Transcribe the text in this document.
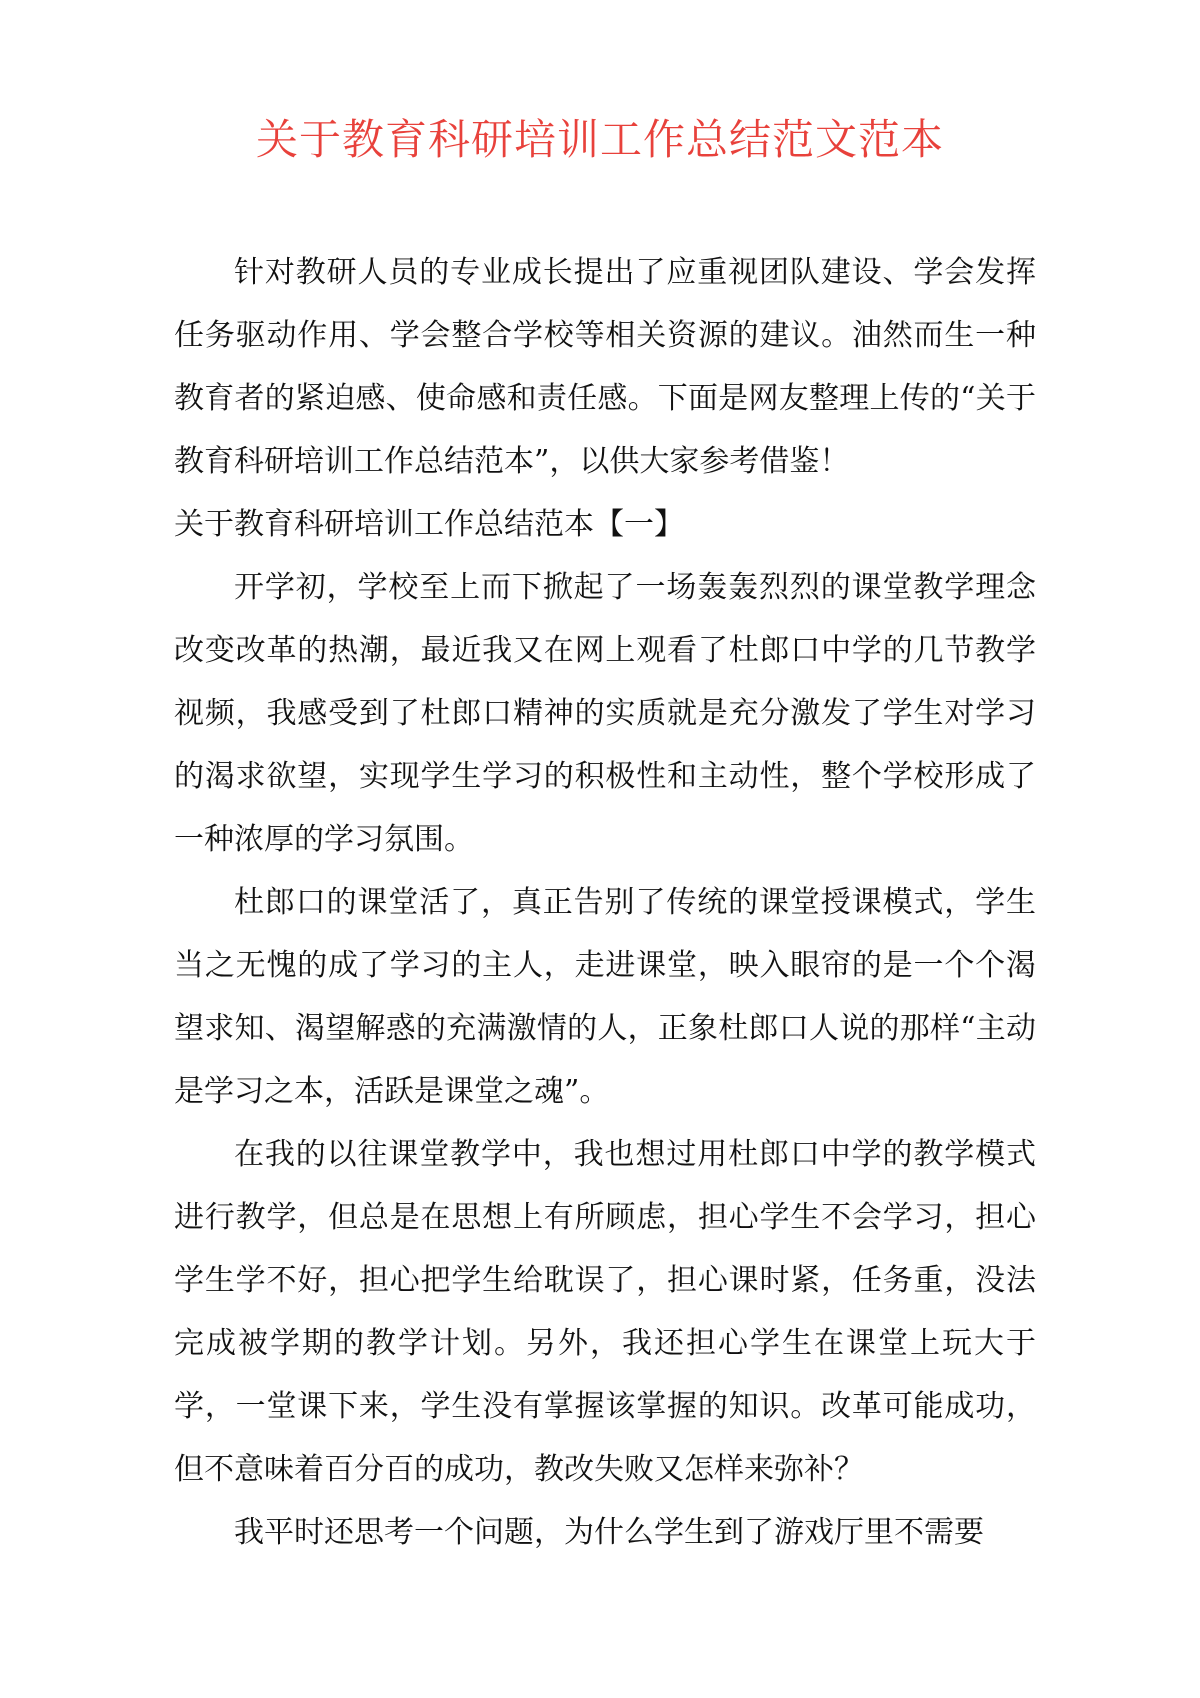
关于教育科研培训工作总结范文范本

针对教研人员的专业成长提出了应重视团队建设、学会发挥任务驱动作用、学会整合学校等相关资源的建议。油然而生一种教育者的紧迫感、使命感和责任感。下面是网友整理上传的“关于教育科研培训工作总结范本”，以供大家参考借鉴！

关于教育科研培训工作总结范本【一】

开学初，学校至上而下掀起了一场轰轰烈烈的课堂教学理念改变改革的热潮，最近我又在网上观看了杜郎口中学的几节教学视频，我感受到了杜郎口精神的实质就是充分激发了学生对学习的渴求欲望，实现学生学习的积极性和主动性，整个学校形成了一种浓厚的学习氛围。

杜郎口的课堂活了，真正告别了传统的课堂授课模式，学生当之无愧的成了学习的主人，走进课堂，映入眼帘的是一个个渴望求知、渴望解惑的充满激情的人，正象杜郎口人说的那样“主动是学习之本，活跃是课堂之魂”。

在我的以往课堂教学中，我也想过用杜郎口中学的教学模式进行教学，但总是在思想上有所顾虑，担心学生不会学习，担心学生学不好，担心把学生给耽误了，担心课时紧，任务重，没法完成被学期的教学计划。另外，我还担心学生在课堂上玩大于学，一堂课下来，学生没有掌握该掌握的知识。改革可能成功，但不意味着百分百的成功，教改失败又怎样来弥补？

我平时还思考一个问题，为什么学生到了游戏厅里不需要
